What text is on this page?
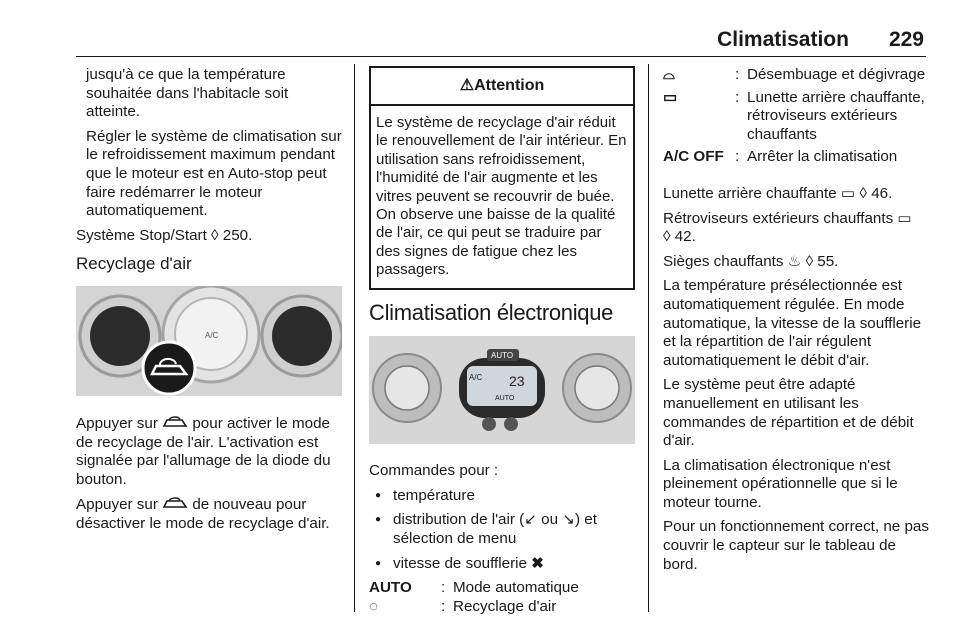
Climatisation 229

jusqu'à ce que la température souhaitée dans l'habitacle soit atteinte.

Régler le système de climatisation sur le refroidissement maximum pendant que le moteur est en Auto-stop peut faire redémarrer le moteur automatiquement.

Système Stop/Start ◊ 250.

Recyclage d'air
A/C

Appuyer sur pour activer le mode de recyclage de l'air. L'activation est signalée par l'allumage de la diode du bouton.

Appuyer sur de nouveau pour désactiver le mode de recyclage d'air.

⚠Attention
Le système de recyclage d'air réduit le renouvellement de l'air intérieur. En utilisation sans refroidissement, l'humidité de l'air augmente et les vitres peuvent se recouvrir de buée. On observe une baisse de la qualité de l'air, ce qui peut se traduire par des signes de fatigue chez les passagers.
Climatisation électronique
AUTO
A/C 23
AUTO

Commandes pour :

● température
● distribution de l'air (↙ ou ↘) et sélection de menu
● vitesse de soufflerie ✖
AUTO	: Mode automatique
◌	: Recyclage d'air
⌓	: Désembuage et dégivrage
▭	: Lunette arrière chauffante, rétroviseurs extérieurs chauffants
A/C OFF : Arrêter la climatisation

Lunette arrière chauffante ▭ ◊ 46.

Rétroviseurs extérieurs chauffants ▭
◊ 42.

Sièges chauffants ♨ ◊ 55.

La température présélectionnée est automatiquement régulée. En mode automatique, la vitesse de la soufflerie et la répartition de l'air régulent automatiquement le débit d'air.

Le système peut être adapté manuellement en utilisant les commandes de répartition et de débit d'air.

La climatisation électronique n'est pleinement opérationnelle que si le moteur tourne.

Pour un fonctionnement correct, ne pas couvrir le capteur sur le tableau de bord.
